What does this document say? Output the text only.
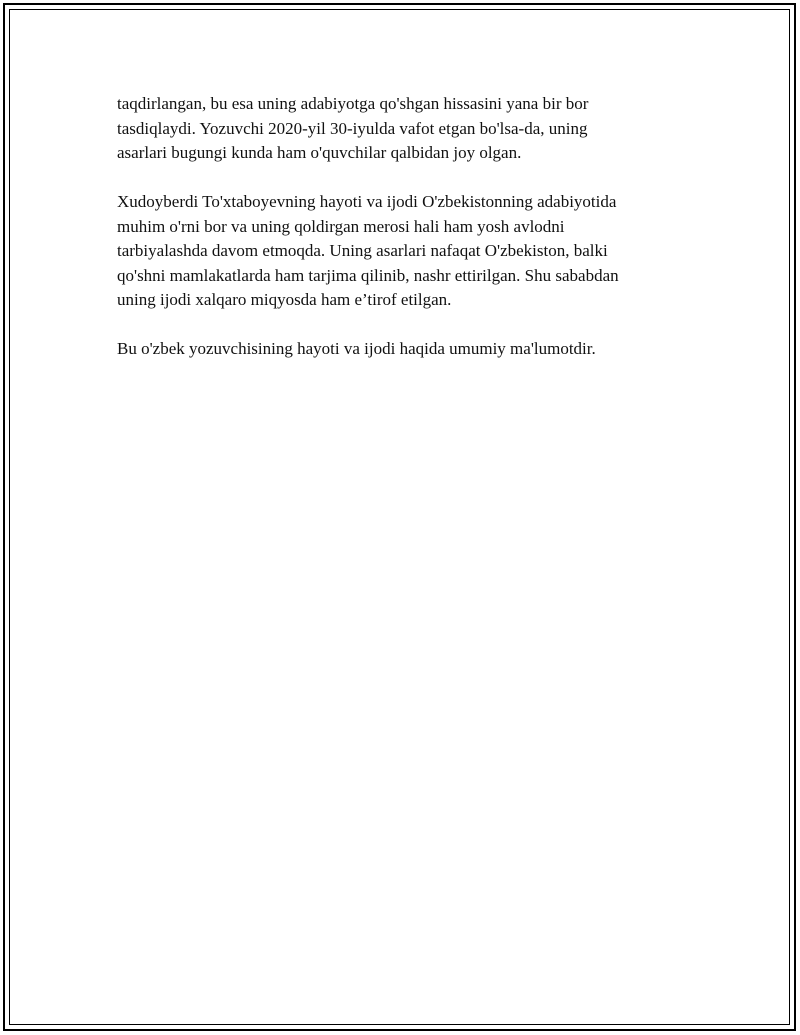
taqdirlangan, bu esa uning adabiyotga qo'shgan hissasini yana bir bor
tasdiqlaydi. Yozuvchi 2020-yil 30-iyulda vafot etgan bo'lsa-da, uning
asarlari bugungi kunda ham o'quvchilar qalbidan joy olgan.

Xudoyberdi To'xtaboyevning hayoti va ijodi O'zbekistonning adabiyotida
muhim o'rni bor va uning qoldirgan merosi hali ham yosh avlodni
tarbiyalashda davom etmoqda. Uning asarlari nafaqat O'zbekiston, balki
qo'shni mamlakatlarda ham tarjima qilinib, nashr ettirilgan. Shu sababdan
uning ijodi xalqaro miqyosda ham e’tirof etilgan.

Bu o'zbek yozuvchisining hayoti va ijodi haqida umumiy ma'lumotdir.
